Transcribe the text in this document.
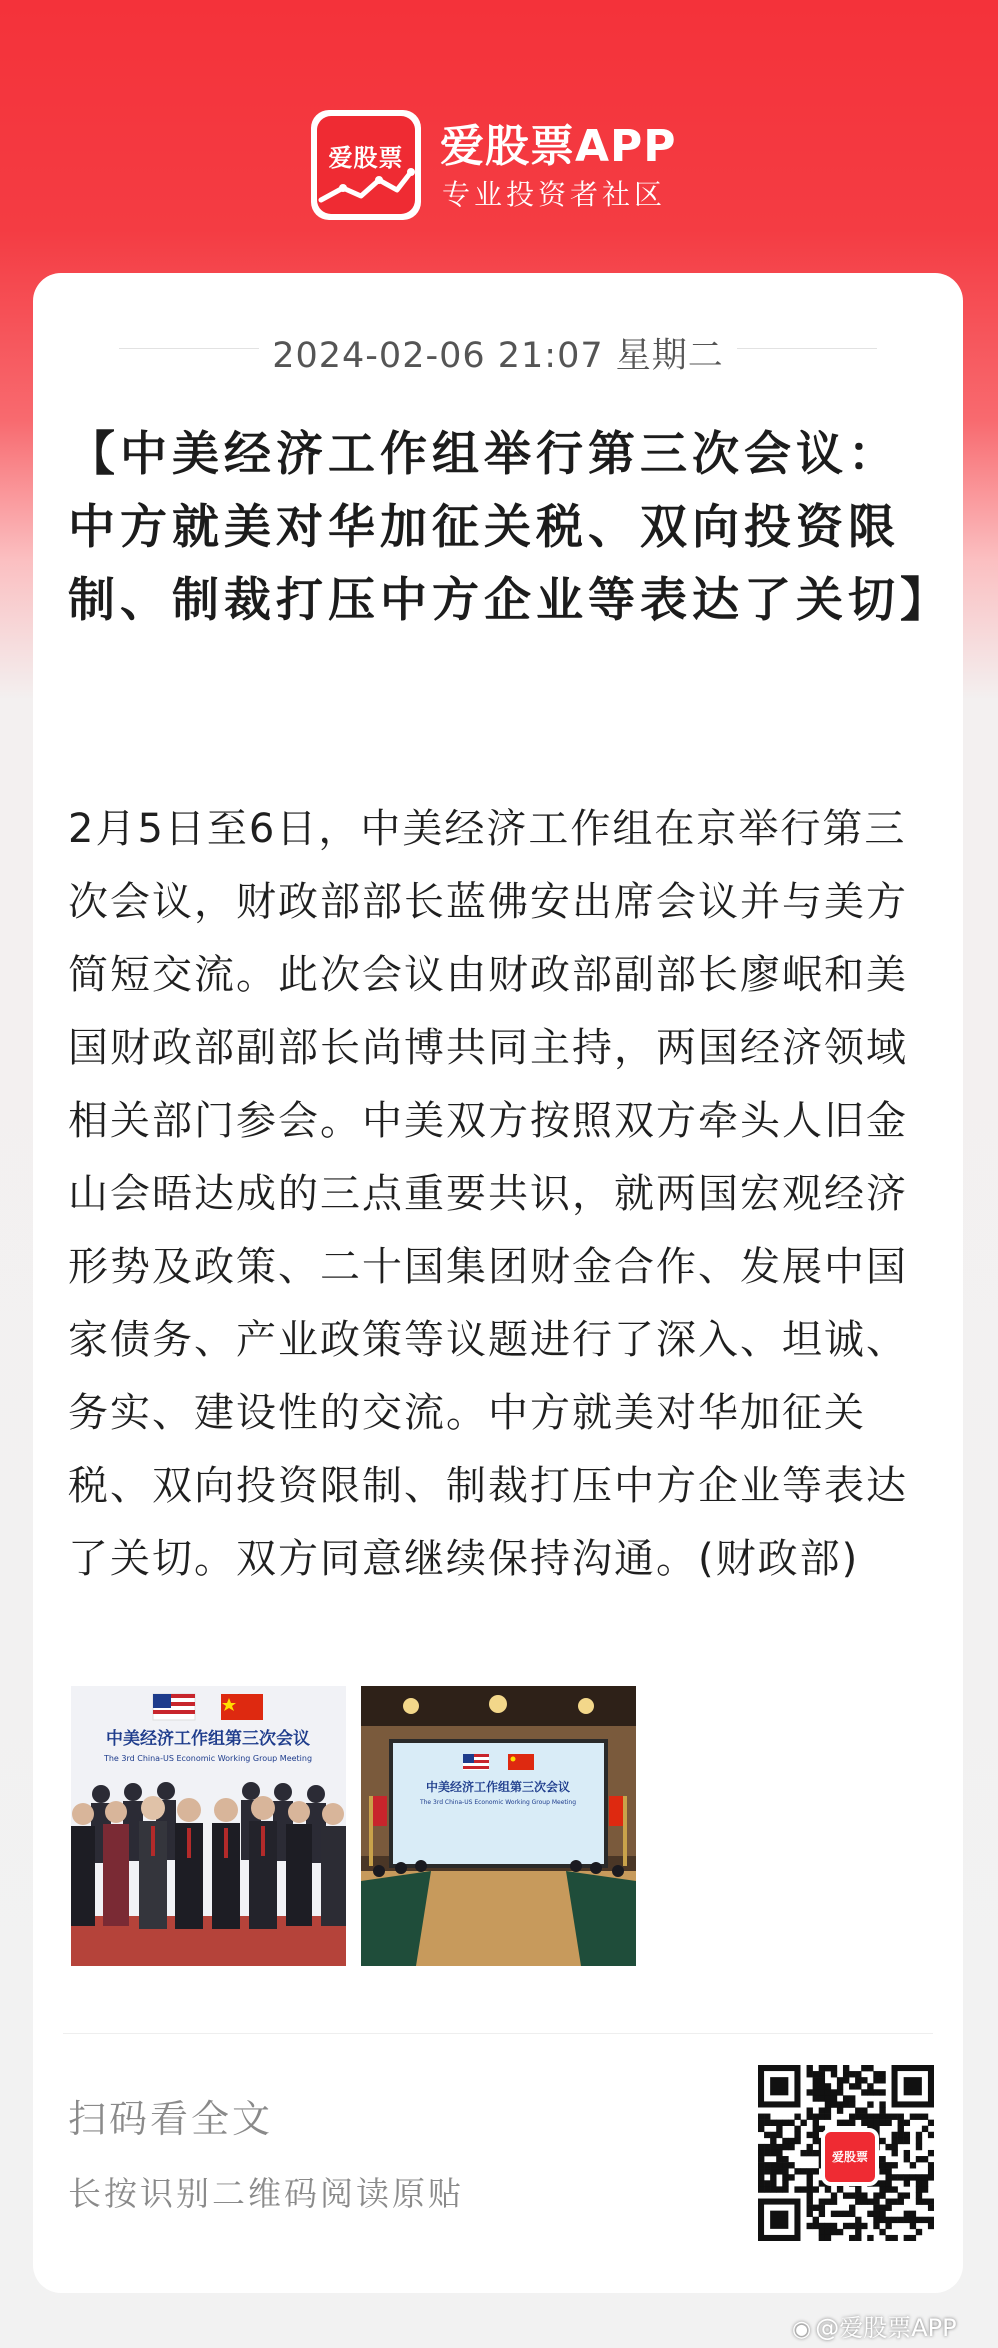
爱股票 爱股票APP
专业投资者社区
2024-02-06 21:07 星期二

【中美经济工作组举行第三次会议：中方就美对华加征关税、双向投资限制、制裁打压中方企业等表达了关切】

2月5日至6日，中美经济工作组在京举行第三次会议，财政部部长蓝佛安出席会议并与美方简短交流。此次会议由财政部副部长廖岷和美国财政部副部长尚博共同主持，两国经济领域相关部门参会。中美双方按照双方牵头人旧金山会晤达成的三点重要共识，就两国宏观经济形势及政策、二十国集团财金合作、发展中国家债务、产业政策等议题进行了深入、坦诚、务实、建设性的交流。中方就美对华加征关税、双向投资限制、制裁打压中方企业等表达了关切。双方同意继续保持沟通。(财政部)

中美经济工作组第三次会议
The 3rd China-US Economic Working Group Meeting
中美经济工作组第三次会议
The 3rd China-US Economic Working Group Meeting
扫码看全文
长按识别二维码阅读原贴
爱股票
◉ @爱股票APP
